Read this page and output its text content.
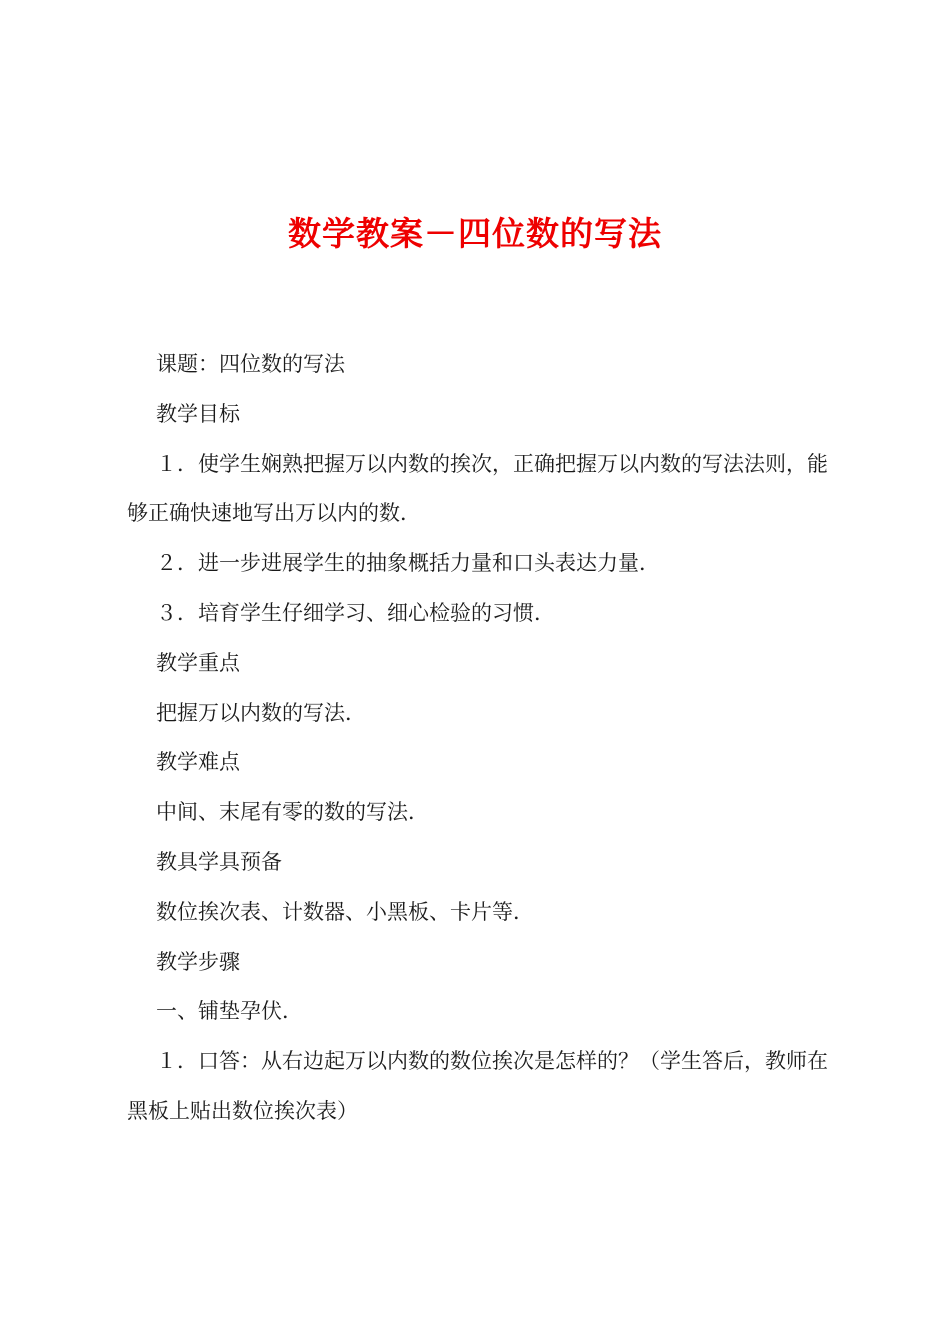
数学教案－四位数的写法

课题：四位数的写法

教学目标

１．使学生娴熟把握万以内数的挨次，正确把握万以内数的写法法则，能够正确快速地写出万以内的数．

２．进一步进展学生的抽象概括力量和口头表达力量．

３．培育学生仔细学习、细心检验的习惯．

教学重点

把握万以内数的写法．

教学难点

中间、末尾有零的数的写法．

教具学具预备

数位挨次表、计数器、小黑板、卡片等．

教学步骤

一、铺垫孕伏．

１．口答：从右边起万以内数的数位挨次是怎样的？（学生答后，教师在黑板上贴出数位挨次表）
